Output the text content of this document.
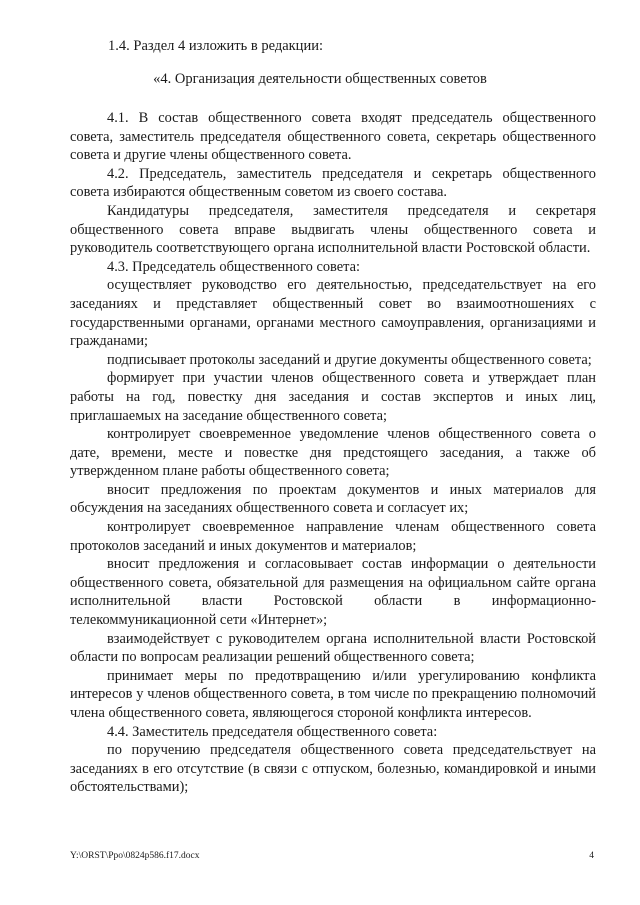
1.4. Раздел 4 изложить в редакции:
«4. Организация деятельности общественных советов

4.1. В состав общественного совета входят председатель общественного совета, заместитель председателя общественного совета, секретарь общественного совета и другие члены общественного совета.

4.2. Председатель, заместитель председателя и секретарь общественного совета избираются общественным советом из своего состава.

Кандидатуры председателя, заместителя председателя и секретаря общественного совета вправе выдвигать члены общественного совета и руководитель соответствующего органа исполнительной власти Ростовской области.

4.3. Председатель общественного совета:

осуществляет руководство его деятельностью, председательствует на его заседаниях и представляет общественный совет во взаимоотношениях с государственными органами, органами местного самоуправления, организациями и гражданами;

подписывает протоколы заседаний и другие документы общественного совета;

формирует при участии членов общественного совета и утверждает план работы на год, повестку дня заседания и состав экспертов и иных лиц, приглашаемых на заседание общественного совета;

контролирует своевременное уведомление членов общественного совета о дате, времени, месте и повестке дня предстоящего заседания, а также об утвержденном плане работы общественного совета;

вносит предложения по проектам документов и иных материалов для обсуждения на заседаниях общественного совета и согласует их;

контролирует своевременное направление членам общественного совета протоколов заседаний и иных документов и материалов;

вносит предложения и согласовывает состав информации о деятельности общественного совета, обязательной для размещения на официальном сайте органа исполнительной власти Ростовской области в информационно-телекоммуникационной сети «Интернет»;

взаимодействует с руководителем органа исполнительной власти Ростовской области по вопросам реализации решений общественного совета;

принимает меры по предотвращению и/или урегулированию конфликта интересов у членов общественного совета, в том числе по прекращению полномочий члена общественного совета, являющегося стороной конфликта интересов.

4.4. Заместитель председателя общественного совета:

по поручению председателя общественного совета председательствует на заседаниях в его отсутствие (в связи с отпуском, болезнью, командировкой и иными обстоятельствами);

Y:\ORST\Ppo\0824p586.f17.docx	4
